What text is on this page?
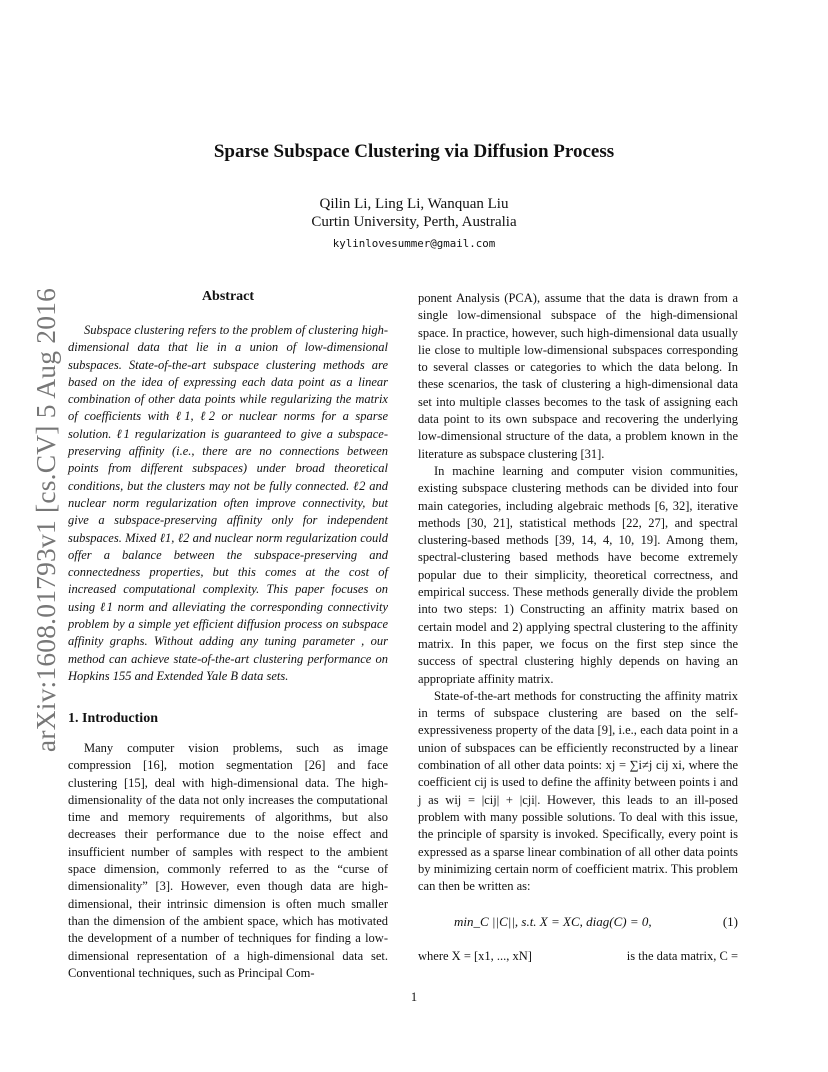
arXiv:1608.01793v1 [cs.CV] 5 Aug 2016
Sparse Subspace Clustering via Diffusion Process
Qilin Li, Ling Li, Wanquan Liu
Curtin University, Perth, Australia
kylinlovesummer@gmail.com
Abstract

Subspace clustering refers to the problem of clustering high-dimensional data that lie in a union of low-dimensional subspaces. State-of-the-art subspace clustering methods are based on the idea of expressing each data point as a linear combination of other data points while regularizing the matrix of coefficients with ℓ1, ℓ2 or nuclear norms for a sparse solution. ℓ1 regularization is guaranteed to give a subspace-preserving affinity (i.e., there are no connections between points from different subspaces) under broad theoretical conditions, but the clusters may not be fully connected. ℓ2 and nuclear norm regularization often improve connectivity, but give a subspace-preserving affinity only for independent subspaces. Mixed ℓ1, ℓ2 and nuclear norm regularization could offer a balance between the subspace-preserving and connectedness properties, but this comes at the cost of increased computational complexity. This paper focuses on using ℓ1 norm and alleviating the corresponding connectivity problem by a simple yet efficient diffusion process on subspace affinity graphs. Without adding any tuning parameter , our method can achieve state-of-the-art clustering performance on Hopkins 155 and Extended Yale B data sets.

1. Introduction

Many computer vision problems, such as image compression [16], motion segmentation [26] and face clustering [15], deal with high-dimensional data. The high-dimensionality of the data not only increases the computational time and memory requirements of algorithms, but also decreases their performance due to the noise effect and insufficient number of samples with respect to the ambient space dimension, commonly referred to as the “curse of dimensionality” [3]. However, even though data are high-dimensional, their intrinsic dimension is often much smaller than the dimension of the ambient space, which has motivated the development of a number of techniques for finding a low-dimensional representation of a high-dimensional data set. Conventional techniques, such as Principal Com-

ponent Analysis (PCA), assume that the data is drawn from a single low-dimensional subspace of the high-dimensional space. In practice, however, such high-dimensional data usually lie close to multiple low-dimensional subspaces corresponding to several classes or categories to which the data belong. In these scenarios, the task of clustering a high-dimensional data set into multiple classes becomes to the task of assigning each data point to its own subspace and recovering the underlying low-dimensional structure of the data, a problem known in the literature as subspace clustering [31].

In machine learning and computer vision communities, existing subspace clustering methods can be divided into four main categories, including algebraic methods [6, 32], iterative methods [30, 21], statistical methods [22, 27], and spectral clustering-based methods [39, 14, 4, 10, 19]. Among them, spectral-clustering based methods have become extremely popular due to their simplicity, theoretical correctness, and empirical success. These methods generally divide the problem into two steps: 1) Constructing an affinity matrix based on certain model and 2) applying spectral clustering to the affinity matrix. In this paper, we focus on the first step since the success of spectral clustering highly depends on having an appropriate affinity matrix.

State-of-the-art methods for constructing the affinity matrix in terms of subspace clustering are based on the self-expressiveness property of the data [9], i.e., each data point in a union of subspaces can be efficiently reconstructed by a linear combination of all other data points: xj = ∑i≠j cij xi, where the coefficient cij is used to define the affinity between points i and j as wij = |cij| + |cji|. However, this leads to an ill-posed problem with many possible solutions. To deal with this issue, the principle of sparsity is invoked. Specifically, every point is expressed as a sparse linear combination of all other data points by minimizing certain norm of coefficient matrix. This problem can then be written as:

min_C ||C||, s.t. X = XC, diag(C) = 0,	(1)
where X = [x1, ..., xN]	is the data matrix, C =
1
